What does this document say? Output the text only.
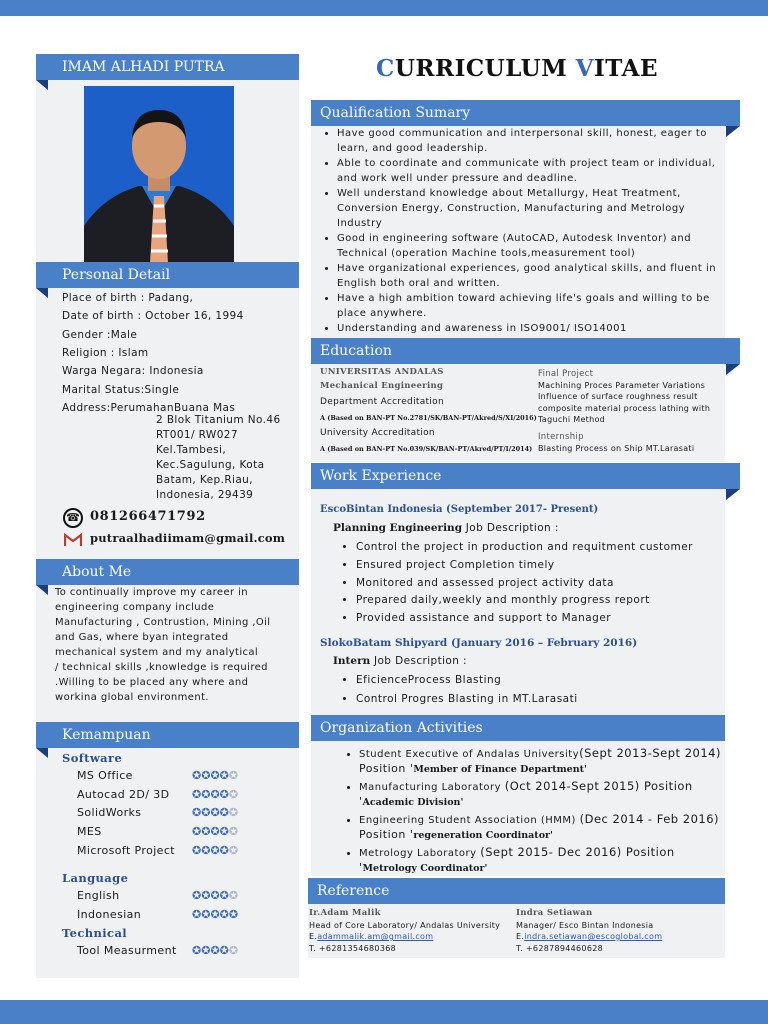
IMAM ALHADI PUTRA
Personal Detail
Place of birth : Padang,
Date of birth : October 16, 1994
Gender :Male
Religion : Islam
Warga Negara: Indonesia
Marital Status:Single
Address:PerumahanBuana Mas
2 Blok Titanium No.46
RT001/ RW027
Kel.Tambesi,
Kec.Sagulung, Kota
Batam, Kep.Riau,
Indonesia, 29439
☎ 081266471792
putraalhadiimam@gmail.com
About Me
To continually improve my career in
engineering company include
Manufacturing , Contrustion, Mining ,Oil
and Gas, where byan integrated
mechanical system and my analytical
/ technical skills ,knowledge is required
.Willing to be placed any where and
workina global environment.
Kemampuan
Software
MS Office	✪✪✪✪✪
Autocad 2D/ 3D ✪✪✪✪✪
SolidWorks	✪✪✪✪✪
MES	✪✪✪✪✪
Microsoft Project ✪✪✪✪✪
Language
English	✪✪✪✪✪
Indonesian	✪✪✪✪✪
Technical
Tool Measurment ✪✪✪✪✪
CURRICULUM VITAE
Qualification Sumary
• Have good communication and interpersonal skill, honest, eager to learn, and good leadership.
• Able to coordinate and communicate with project team or individual, and work well under pressure and deadline.
• Well understand knowledge about Metallurgy, Heat Treatment, Conversion Energy, Construction, Manufacturing and Metrology Industry
• Good in engineering software (AutoCAD, Autodesk Inventor) and Technical (operation Machine tools,measurement tool)
• Have organizational experiences, good analytical skills, and fluent in English both oral and written.
• Have a high ambition toward achieving life's goals and willing to be place anywhere.
• Understanding and awareness in ISO9001/ ISO14001
Education
UNIVERSITAS ANDALAS
Mechanical Engineering
Department Accreditation
A (Based on BAN-PT No.2781/SK/BAN-PT/Akred/S/XI/2016)
University Accreditation
A (Based on BAN-PT No.039/SK/BAN-PT/Akred/PT/I/2014)
Final Project
Machining Proces Parameter Variations
Influence of surface roughness result
composite material process lathing with
Taguchi Method
Internship
Blasting Process on Ship MT.Larasati
Work Experience
EscoBintan Indonesia (September 2017- Present)
Planning Engineering Job Description :
• Control the project in production and requitment customer
• Ensured project Completion timely
• Monitored and assessed project activity data
• Prepared daily,weekly and monthly progress report
• Provided assistance and support to Manager
SlokoBatam Shipyard (January 2016 – February 2016)
Intern Job Description :
• EficienceProcess Blasting
• Control Progres Blasting in MT.Larasati
Organization Activities
• Student Executive of Andalas University(Sept 2013-Sept 2014)
Position 'Member of Finance Department'
• Manufacturing Laboratory (Oct 2014-Sept 2015) Position
'Academic Division'
• Engineering Student Association (HMM) (Dec 2014 - Feb 2016)
Position 'regeneration Coordinator'
• Metrology Laboratory (Sept 2015- Dec 2016) Position
'Metrology Coordinator'
Reference
Ir.Adam Malik
Head of Core Laboratory/ Andalas University
E.adammalik.am@gmail.com
T. +6281354680368
Indra Setiawan
Manager/ Esco Bintan Indonesia
E.indra.setiawan@escoglobal.com
T. +6287894460628
